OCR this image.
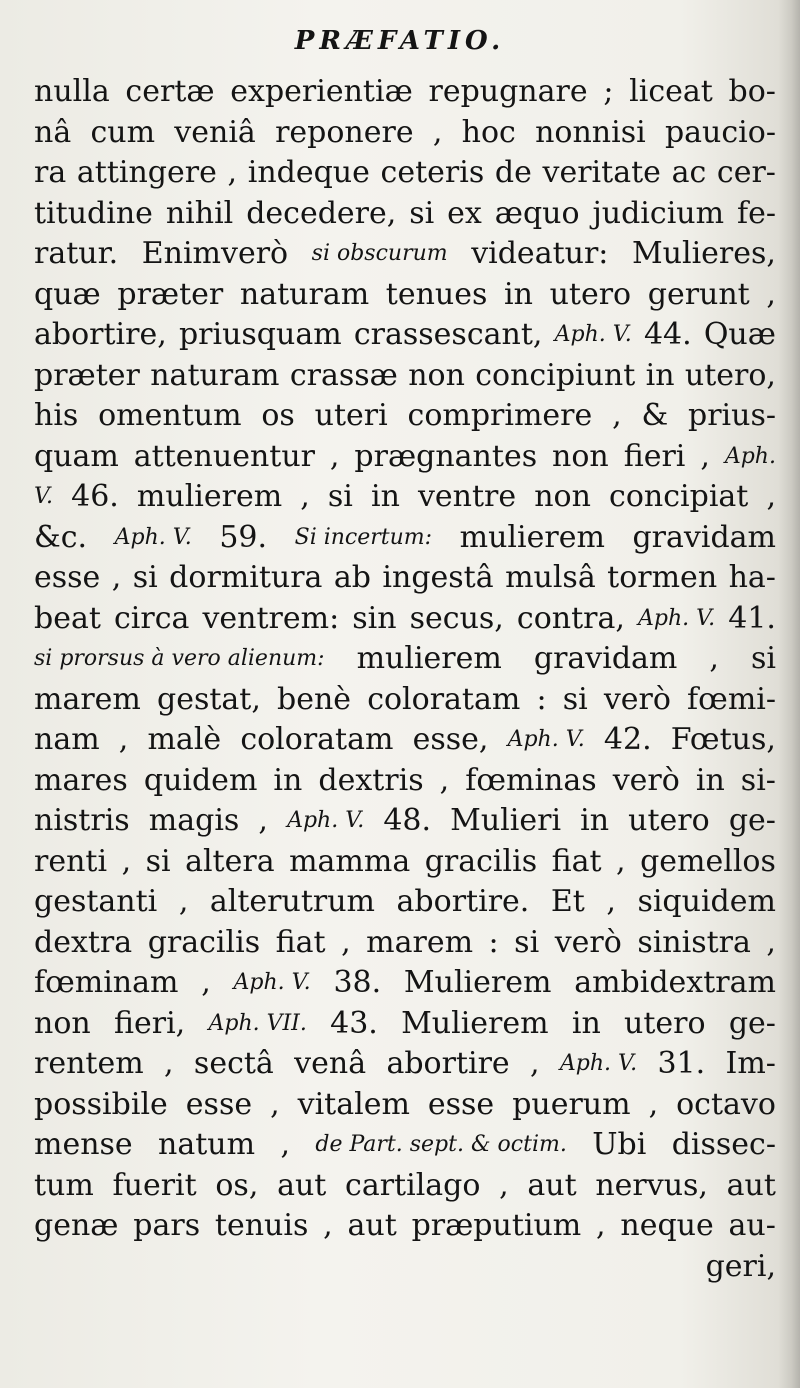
PRÆFATIO.
nulla certæ experientiæ repugnare ; liceat bo-
nâ cum veniâ reponere , hoc nonnisi paucio-
ra attingere , indeque ceteris de veritate ac cer-
titudine nihil decedere, si ex æquo judicium fe-
ratur. Enimverò si obscurum videatur: Mulieres,
quæ præter naturam tenues in utero gerunt ,
abortire, priusquam crassescant, Aph. V. 44. Quæ
præter naturam crassæ non concipiunt in utero,
his omentum os uteri comprimere , & prius-
quam attenuentur , prægnantes non fieri , Aph.
V. 46. mulierem , si in ventre non concipiat ,
&c. Aph. V. 59. Si incertum: mulierem gravidam
esse , si dormitura ab ingestâ mulsâ tormen ha-
beat circa ventrem: sin secus, contra, Aph. V. 41.
si prorsus à vero alienum: mulierem gravidam , si
marem gestat, benè coloratam : si verò fœmi-
nam , malè coloratam esse, Aph. V. 42. Fœtus,
mares quidem in dextris , fœminas verò in si-
nistris magis , Aph. V. 48. Mulieri in utero ge-
renti , si altera mamma gracilis fiat , gemellos
gestanti , alterutrum abortire. Et , siquidem
dextra gracilis fiat , marem : si verò sinistra ,
fœminam , Aph. V. 38. Mulierem ambidextram
non fieri, Aph. VII. 43. Mulierem in utero ge-
rentem , sectâ venâ abortire , Aph. V. 31. Im-
possibile esse , vitalem esse puerum , octavo
mense natum , de Part. sept. & octim. Ubi dissec-
tum fuerit os, aut cartilago , aut nervus, aut
genæ pars tenuis , aut præputium , neque au-
geri,
